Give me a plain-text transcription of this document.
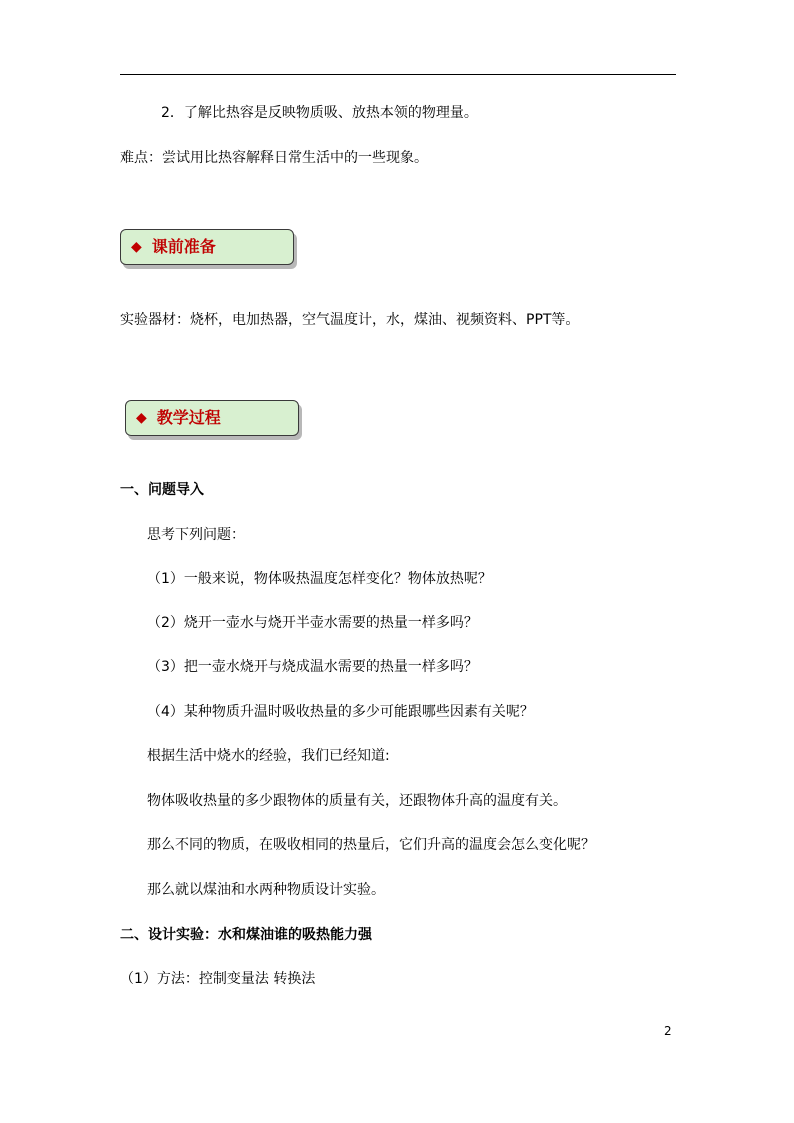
2．了解比热容是反映物质吸、放热本领的物理量。
难点：尝试用比热容解释日常生活中的一些现象。
◆ 课前准备
实验器材：烧杯，电加热器，空气温度计，水，煤油、视频资料、PPT等。
◆ 教学过程
一、问题导入
思考下列问题：
（1）一般来说，物体吸热温度怎样变化？物体放热呢？
（2）烧开一壶水与烧开半壶水需要的热量一样多吗？
（3）把一壶水烧开与烧成温水需要的热量一样多吗？
（4）某种物质升温时吸收热量的多少可能跟哪些因素有关呢？
根据生活中烧水的经验，我们已经知道:
物体吸收热量的多少跟物体的质量有关，还跟物体升高的温度有关。
那么不同的物质，在吸收相同的热量后，它们升高的温度会怎么变化呢？
那么就以煤油和水两种物质设计实验。
二、设计实验：水和煤油谁的吸热能力强
（1）方法：控制变量法 转换法
2
